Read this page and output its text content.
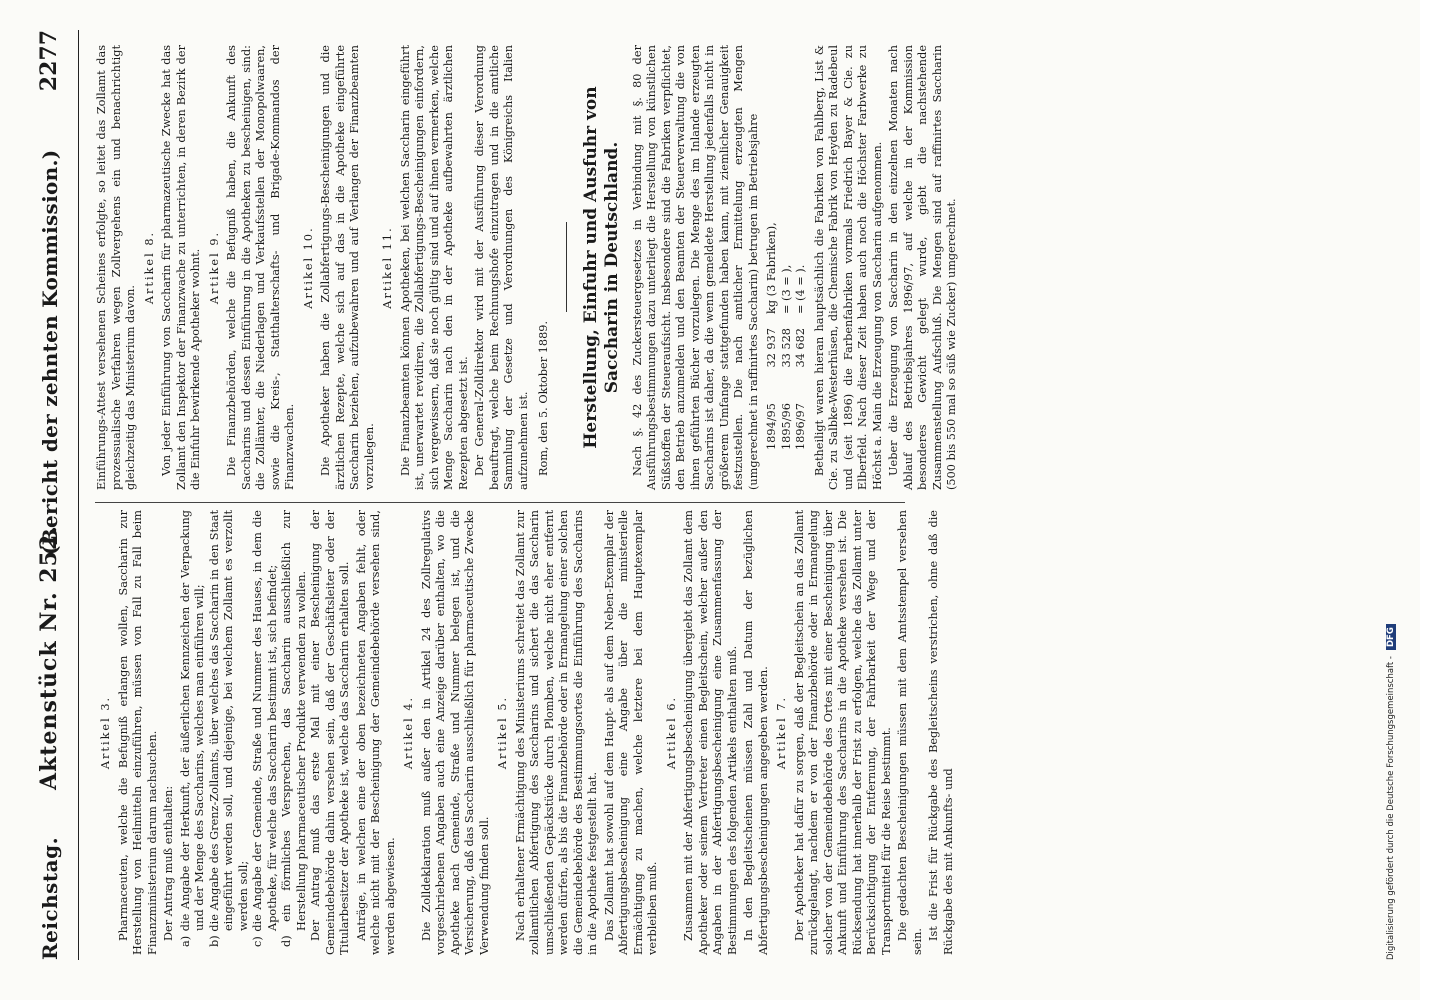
Reichstag.
Aktenstück Nr. 252.
(Bericht der zehnten Kommission.)
2277
Artikel 3. Pharmaceuten, welche die Befugniß erlangen wollen, Saccharin zur Herstellung von Heilmitteln einzuführen, müssen von Fall zu Fall beim Finanzministerium darum nachsuchen. Der Antrag muß enthalten: a) die Angabe der Herkunft, der äußerlichen Kennzeichen der Verpackung und der Menge des Saccharins, welches man einführen will; b) die Angabe des Grenz-Zollamts, über welches das Saccharin in den Staat eingeführt werden soll, und diejenige, bei welchem Zollamt es verzollt werden soll; c) die Angabe der Gemeinde, Straße und Nummer des Hauses, in dem die Apotheke, für welche das Saccharin bestimmt ist, sich befindet; d) ein förmliches Versprechen, das Saccharin ausschließlich zur Herstellung pharmaceutischer Produkte verwenden zu wollen. Der Antrag muß das erste Mal mit einer Bescheinigung der Gemeindebehörde dahin versehen sein, daß der Geschäftsleiter oder der Titularbesitzer der Apotheke ist, welche das Saccharin erhalten soll. Anträge, in welchen eine der oben bezeichneten Angaben fehlt, oder welche nicht mit der Bescheinigung der Gemeindebehörde versehen sind, werden abgewiesen.

Artikel 4. Die Zolldeklaration muß außer den in Artikel 24 des Zollregulativs vorgeschriebenen Angaben auch eine Anzeige darüber enthalten, wo die Apotheke nach Gemeinde, Straße und Nummer belegen ist, und die Versicherung, daß das Saccharin ausschließlich für pharmaceutische Zwecke Verwendung finden soll.

Artikel 5. Nach erhaltener Ermächtigung des Ministeriums schreitet das Zollamt zur zollamtlichen Abfertigung des Saccharins und sichert die das Saccharin umschließenden Gepäckstücke durch Plomben, welche nicht eher entfernt werden dürfen, als bis die Finanzbehörde oder in Ermangelung einer solchen die Gemeindebehörde des Bestimmungsortes die Einführung des Saccharins in die Apotheke festgestellt hat. Das Zollamt hat sowohl auf dem Haupt- als auf dem Neben-Exemplar der Abfertigungsbescheinigung eine Angabe über die ministerielle Ermächtigung zu machen, welche letztere bei dem Hauptexemplar verbleiben muß.

Artikel 6. Zusammen mit der Abfertigungsbescheinigung übergiebt das Zollamt dem Apotheker oder seinem Vertreter einen Begleitschein, welcher außer den Angaben in der Abfertigungsbescheinigung eine Zusammenfassung der Bestimmungen des folgenden Artikels enthalten muß. In den Begleitscheinen müssen Zahl und Datum der bezüglichen Abfertigungsbescheinigungen angegeben werden. Artikel 7. Der Apotheker hat dafür zu sorgen, daß der Begleitschein an das Zollamt zurückgelangt, nachdem er von der Finanzbehörde oder in Ermangelung solcher von der Gemeindebehörde des Ortes mit einer Bescheinigung über Ankunft und Einführung des Saccharins in die Apotheke versehen ist. Die Rücksendung hat innerhalb der Frist zu erfolgen, welche das Zollamt unter Berücksichtigung der Entfernung, der Fahrbarkeit der Wege und der Transportmittel für die Reise bestimmt. Die gedachten Bescheinigungen müssen mit dem Amtsstempel versehen sein.

Ist die Frist für Rückgabe des Begleitscheins verstrichen, ohne daß die Rückgabe des mit Ankunfts- und

Einführungs-Attest versehenen Scheines erfolgte, so leitet das Zollamt das prozessualische Verfahren wegen Zollvergehens ein und benachrichtigt gleichzeitig das Ministerium davon.

Artikel 8. Von jeder Einführung von Saccharin für pharmazeutische Zwecke hat das Zollamt den Inspektor der Finanzwache zu unterrichten, in deren Bezirk der die Einfuhr bewirkende Apotheker wohnt. Artikel 9. Die Finanzbehörden, welche die Befugniß haben, die Ankunft des Saccharins und dessen Einführung in die Apotheken zu bescheinigen, sind: die Zollämter, die Niederlagen und Verkaufsstellen der Monopolwaaren, sowie die Kreis-, Statthalterschafts- und Brigade-Kommandos der Finanzwachen.

Artikel 10. Die Apotheker haben die Zollabfertigungs-Bescheinigungen und die ärztlichen Rezepte, welche sich auf das in die Apotheke eingeführte Saccharin beziehen, aufzubewahren und auf Verlangen der Finanzbeamten vorzulegen.

Artikel 11. Die Finanzbeamten können Apotheken, bei welchen Saccharin eingeführt ist, unerwartet revidiren, die Zollabfertigungs-Bescheinigungen einfordern, sich vergewissern, daß sie noch gültig sind und auf ihnen vermerken, welche Menge Saccharin nach den in der Apotheke aufbewahrten ärztlichen Rezepten abgesetzt ist. Der General-Zolldirektor wird mit der Ausführung dieser Verordnung beauftragt, welche beim Rechnungshofe einzutragen und in die amtliche Sammlung der Gesetze und Verordnungen des Königreichs Italien aufzunehmen ist. Rom, den 5. Oktober 1889. Herstellung, Einfuhr und Ausfuhr von Saccharin in Deutschland. Nach §. 42 des Zuckersteuergesetzes in Verbindung mit §. 80 der Ausführungsbestimmungen dazu unterliegt die Herstellung von künstlichen Süßstoffen der Steueraufsicht. Insbesondere sind die Fabriken verpflichtet, den Betrieb anzumelden und den Beamten der Steuerverwaltung die von ihnen geführten Bücher vorzulegen. Die Menge des im Inlande erzeugten Saccharins ist daher, da die wenn gemeldete Herstellung jedenfalls nicht in größerem Umfange stattgefunden haben kann, mit ziemlicher Genauigkeit festzustellen. Die nach amtlicher Ermittelung erzeugten Mengen (umgerechnet in raffinirtes Saccharin) betrugen im Betriebsjahre 1894/95
32 937
kg (3 Fabriken),
1895/96
33 528
= (3 = ),
1896/97
34 682
= (4 = ). Betheiligt waren hieran hauptsächlich die Fabriken von Fahlberg, List & Cie. zu Salbke-Westerhüsen, die Chemische Fabrik von Heyden zu Radebeul und (seit 1896) die Farbenfabriken vormals Friedrich Bayer & Cie. zu Elberfeld. Nach dieser Zeit haben auch noch die Höchster Farbwerke zu Höchst a. Main die Erzeugung von Saccharin aufgenommen. Ueber die Erzeugung von Saccharin in den einzelnen Monaten nach Ablauf des Betriebsjahres 1896/97, auf welche in der Kommission besonderes Gewicht gelegt wurde, giebt die nachstehende Zusammenstellung Aufschluß. Die Mengen sind auf raffinirtes Saccharin (500 bis 550 mal so süß wie Zucker) umgerechnet.

Digitalisierung gefördert durch die Deutsche Forschungsgemeinschaft -DFG
